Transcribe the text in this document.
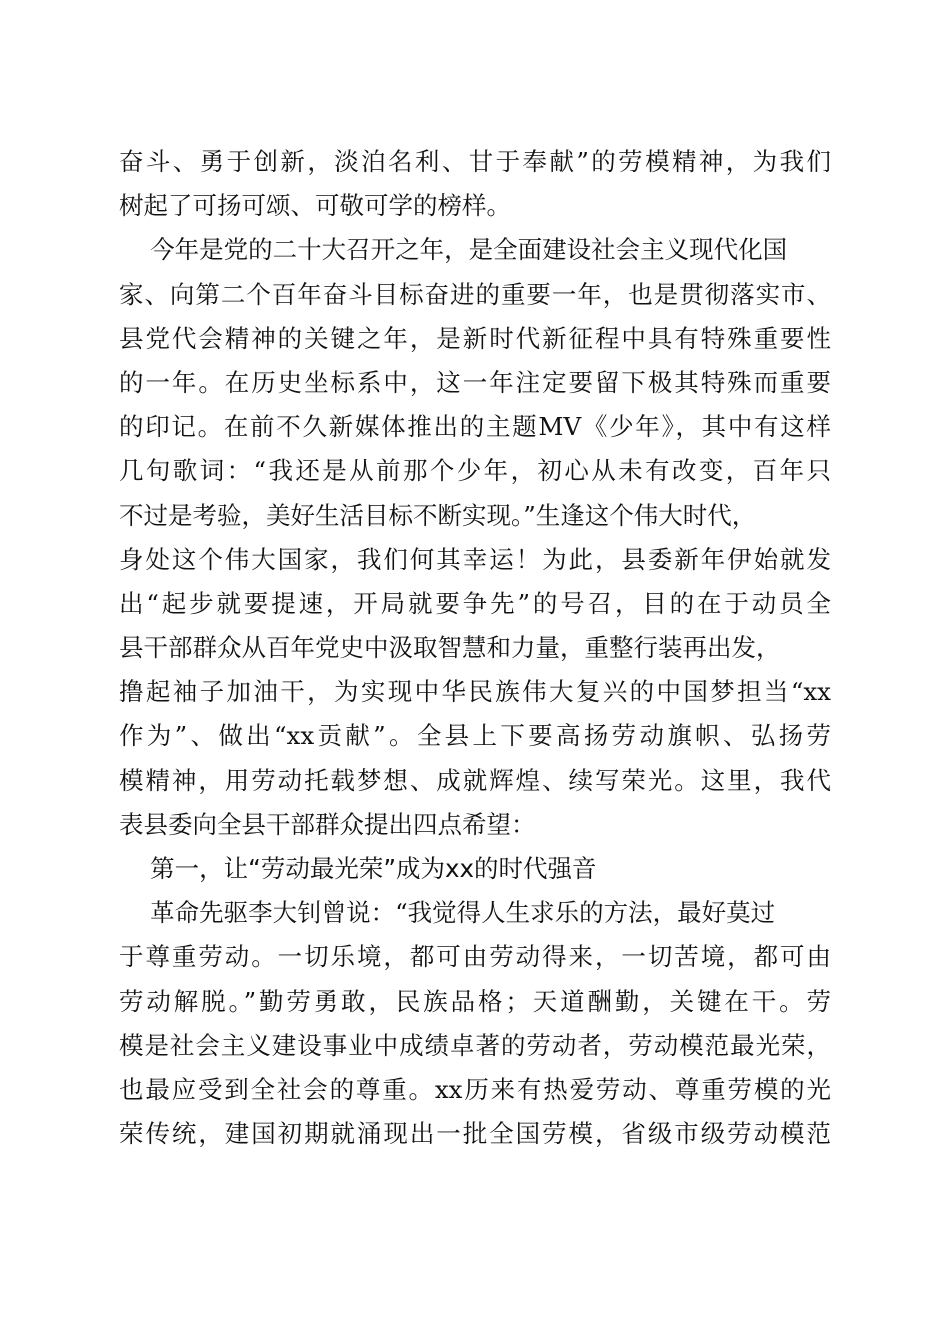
奋斗、勇于创新，淡泊名利、甘于奉献”的劳模精神，为我们
树起了可扬可颂、可敬可学的榜样。
今年是党的二十大召开之年，是全面建设社会主义现代化国
家、向第二个百年奋斗目标奋进的重要一年，也是贯彻落实市、
县党代会精神的关键之年，是新时代新征程中具有特殊重要性
的一年。在历史坐标系中，这一年注定要留下极其特殊而重要
的印记。在前不久新媒体推出的主题MV《少年》，其中有这样
几句歌词：“我还是从前那个少年，初心从未有改变，百年只
不过是考验，美好生活目标不断实现。”生逢这个伟大时代，
身处这个伟大国家，我们何其幸运！为此，县委新年伊始就发
出“起步就要提速，开局就要争先”的号召，目的在于动员全
县干部群众从百年党史中汲取智慧和力量，重整行装再出发，
撸起袖子加油干，为实现中华民族伟大复兴的中国梦担当“xx
作为”、做出“xx贡献”。全县上下要高扬劳动旗帜、弘扬劳
模精神，用劳动托载梦想、成就辉煌、续写荣光。这里，我代
表县委向全县干部群众提出四点希望：
第一，让“劳动最光荣”成为xx的时代强音
革命先驱李大钊曾说：“我觉得人生求乐的方法，最好莫过
于尊重劳动。一切乐境，都可由劳动得来，一切苦境，都可由
劳动解脱。”勤劳勇敢，民族品格；天道酬勤，关键在干。劳
模是社会主义建设事业中成绩卓著的劳动者，劳动模范最光荣，
也最应受到全社会的尊重。xx历来有热爱劳动、尊重劳模的光
荣传统，建国初期就涌现出一批全国劳模，省级市级劳动模范
